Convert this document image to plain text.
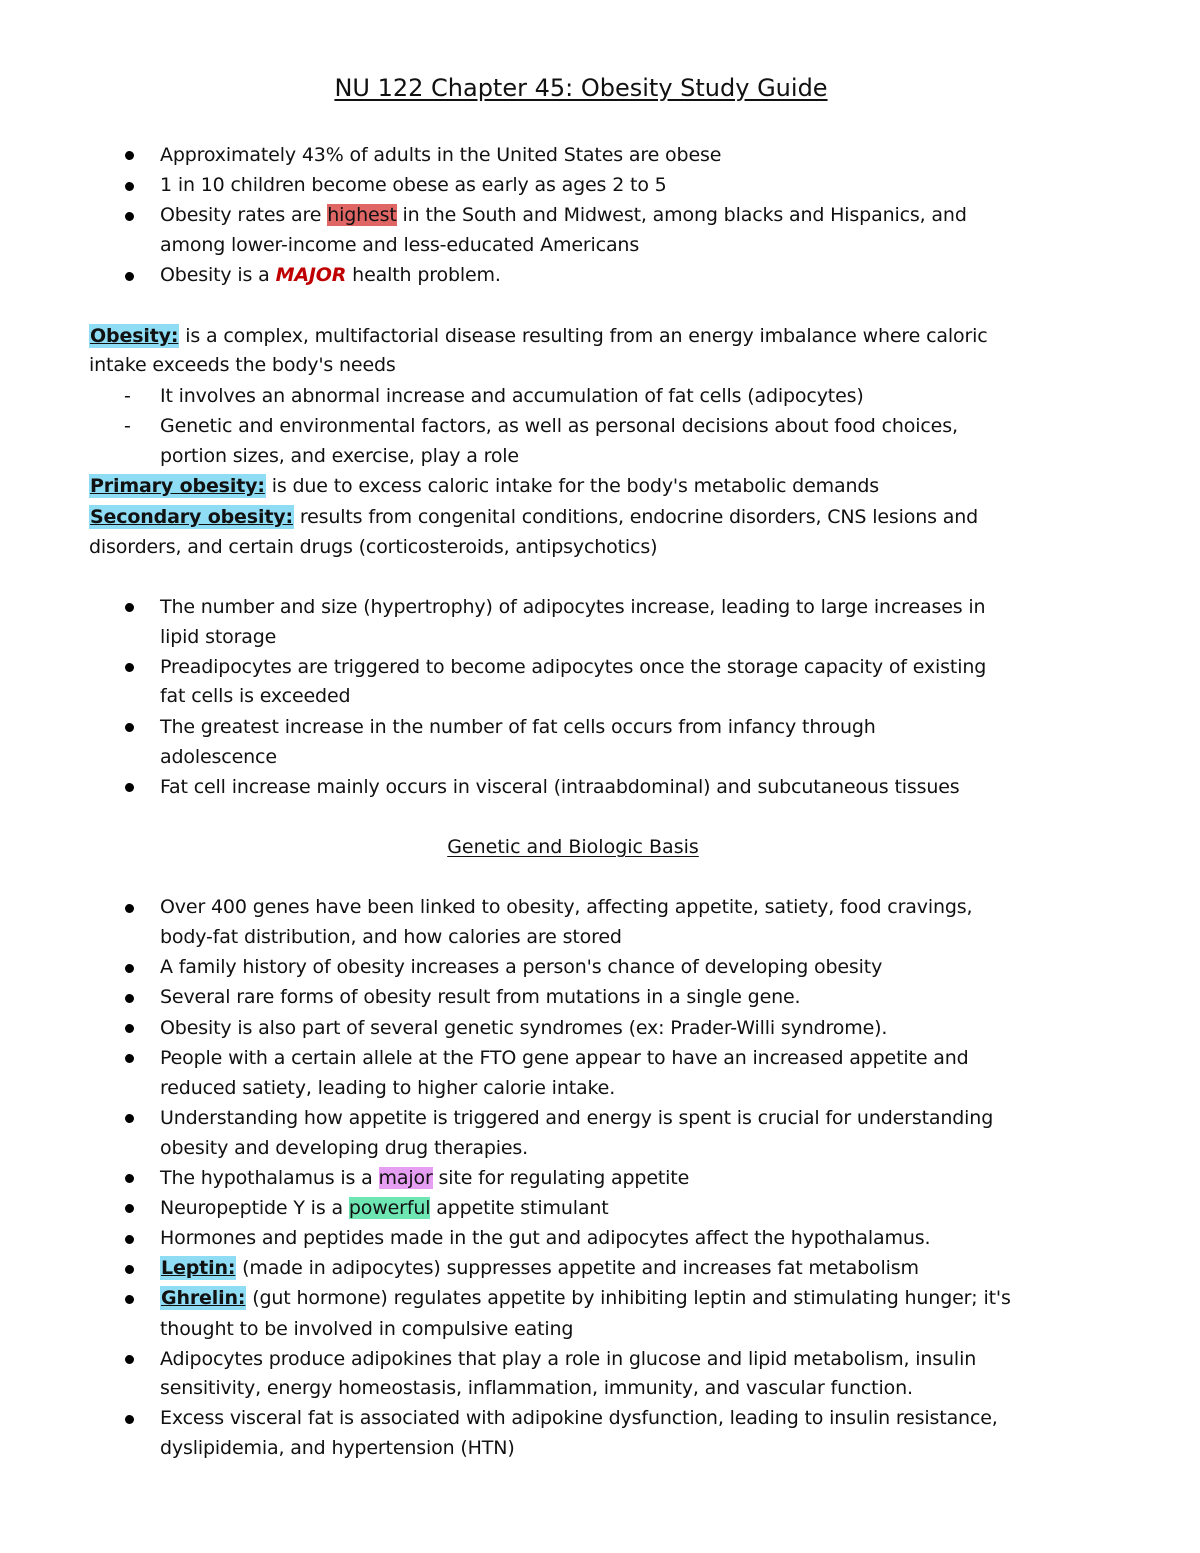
NU 122 Chapter 45: Obesity Study Guide
Approximately 43% of adults in the United States are obese
1 in 10 children become obese as early as ages 2 to 5
Obesity rates are highest in the South and Midwest, among blacks and Hispanics, and
among lower-income and less-educated Americans
Obesity is a MAJOR health problem.
Obesity: is a complex, multifactorial disease resulting from an energy imbalance where caloric
intake exceeds the body's needs
- It involves an abnormal increase and accumulation of fat cells (adipocytes)
- Genetic and environmental factors, as well as personal decisions about food choices,
portion sizes, and exercise, play a role
Primary obesity: is due to excess caloric intake for the body's metabolic demands
Secondary obesity: results from congenital conditions, endocrine disorders, CNS lesions and
disorders, and certain drugs (corticosteroids, antipsychotics)
The number and size (hypertrophy) of adipocytes increase, leading to large increases in
lipid storage
Preadipocytes are triggered to become adipocytes once the storage capacity of existing
fat cells is exceeded
The greatest increase in the number of fat cells occurs from infancy through
adolescence
Fat cell increase mainly occurs in visceral (intraabdominal) and subcutaneous tissues
Genetic and Biologic Basis
Over 400 genes have been linked to obesity, affecting appetite, satiety, food cravings,
body-fat distribution, and how calories are stored
A family history of obesity increases a person's chance of developing obesity
Several rare forms of obesity result from mutations in a single gene.
Obesity is also part of several genetic syndromes (ex: Prader-Willi syndrome).
People with a certain allele at the FTO gene appear to have an increased appetite and
reduced satiety, leading to higher calorie intake.
Understanding how appetite is triggered and energy is spent is crucial for understanding
obesity and developing drug therapies.
The hypothalamus is a major site for regulating appetite
Neuropeptide Y is a powerful appetite stimulant
Hormones and peptides made in the gut and adipocytes affect the hypothalamus.
Leptin: (made in adipocytes) suppresses appetite and increases fat metabolism
Ghrelin: (gut hormone) regulates appetite by inhibiting leptin and stimulating hunger; it's
thought to be involved in compulsive eating
Adipocytes produce adipokines that play a role in glucose and lipid metabolism, insulin
sensitivity, energy homeostasis, inflammation, immunity, and vascular function.
Excess visceral fat is associated with adipokine dysfunction, leading to insulin resistance,
dyslipidemia, and hypertension (HTN)
